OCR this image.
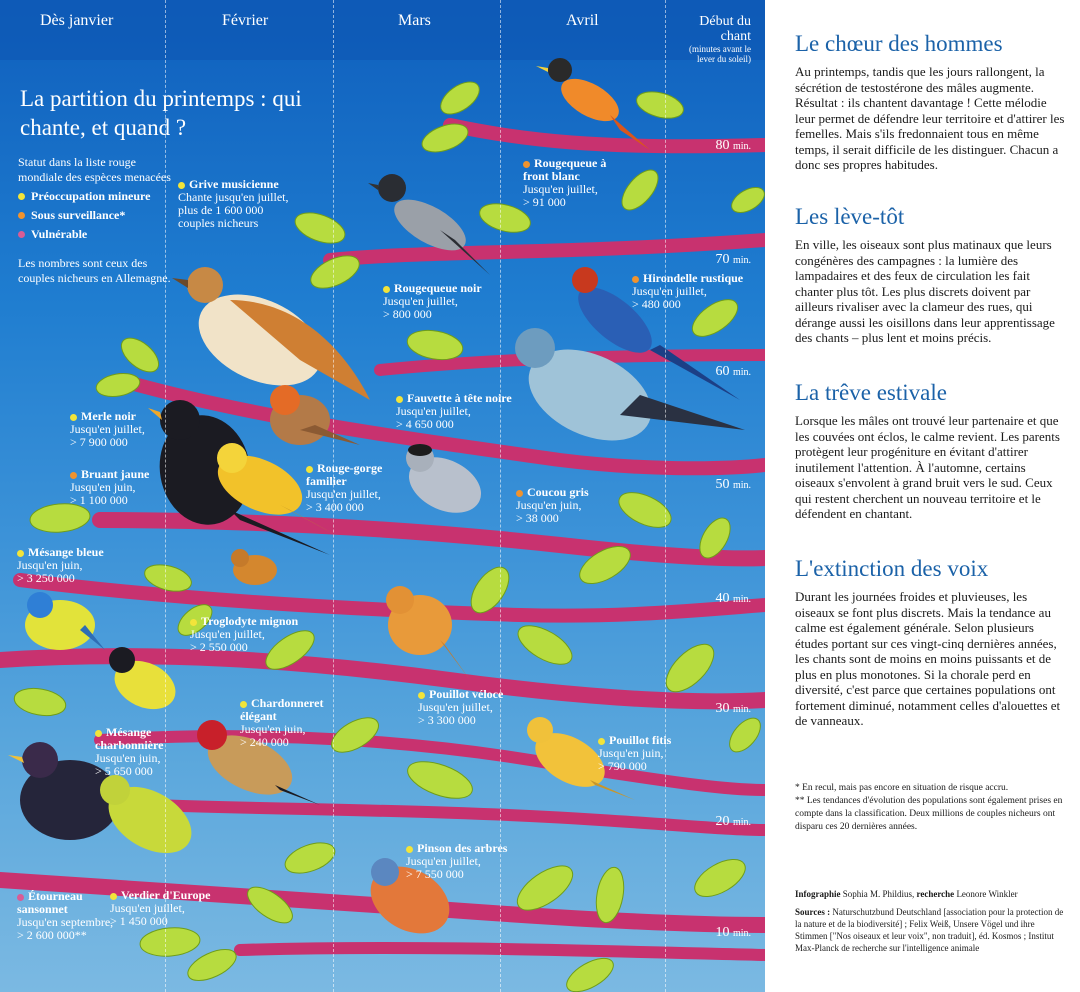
Dès janvier	Février	Mars	Avril	Début du chant
(minutes avant le lever du soleil)
80 min.
70 min.
60 min.
50 min.
40 min.
30 min.
20 min.
10 min.
La partition du printemps : qui chante, et quand ?
Statut dans la liste rouge mondiale des espèces menacées
Préoccupation mineure
Sous surveillance*
Vulnérable
Les nombres sont ceux des couples nicheurs en Allemagne.
Grive musicienne
Chante jusqu'en juillet, plus de 1 600 000 couples nicheurs
Rougequeue à front blanc
Jusqu'en juillet,
> 91 000
Rougequeue noir
Jusqu'en juillet,
> 800 000
Hirondelle rustique
Jusqu'en juillet,
> 480 000
Merle noir
Jusqu'en juillet,
> 7 900 000
Fauvette à tête noire
Jusqu'en juillet,
> 4 650 000
Bruant jaune
Jusqu'en juin,
> 1 100 000
Rouge-gorge familier
Jusqu'en juillet,
> 3 400 000
Coucou gris
Jusqu'en juin,
> 38 000
Mésange bleue
Jusqu'en juin,
> 3 250 000
Troglodyte mignon
Jusqu'en juillet,
> 2 550 000
Chardonneret élégant
Jusqu'en juin,
> 240 000
Pouillot véloce
Jusqu'en juillet,
> 3 300 000
Mésange charbonnière
Jusqu'en juin,
> 5 650 000
Pouillot fitis
Jusqu'en juin,
> 790 000
Pinson des arbres
Jusqu'en juillet,
> 7 550 000
Étourneau sansonnet
Jusqu'en septembre,
> 2 600 000**
Verdier d'Europe
Jusqu'en juillet,
> 1 450 000
Le chœur des hommes

Au printemps, tandis que les jours rallongent, la sécrétion de testostérone des mâles augmente. Résultat : ils chantent davantage ! Cette mélodie leur permet de défendre leur territoire et d'attirer les femelles. Mais s'ils fredonnaient tous en même temps, il serait difficile de les distinguer. Chacun a donc ses propres habitudes.

Les lève-tôt

En ville, les oiseaux sont plus matinaux que leurs congénères des campagnes : la lumière des lampadaires et des feux de circulation les fait chanter plus tôt. Les plus discrets doivent par ailleurs rivaliser avec la clameur des rues, qui dérange aussi les oisillons dans leur apprentissage des chants – plus lent et moins précis.

La trêve estivale

Lorsque les mâles ont trouvé leur partenaire et que les couvées ont éclos, le calme revient. Les parents protègent leur progéniture en évitant d'attirer inutilement l'attention. À l'automne, certains oiseaux s'envolent à grand bruit vers le sud. Ceux qui restent cherchent un nouveau territoire et le défendent en chantant.

L'extinction des voix

Durant les journées froides et pluvieuses, les oiseaux se font plus discrets. Mais la tendance au calme est également générale. Selon plusieurs études portant sur ces vingt-cinq dernières années, les chants sont de moins en moins puissants et de plus en plus monotones. Si la chorale perd en diversité, c'est parce que certaines populations ont fortement diminué, notamment celles d'alouettes et de vanneaux.

* En recul, mais pas encore en situation de risque accru.
** Les tendances d'évolution des populations sont également prises en compte dans la classification. Deux millions de couples nicheurs ont disparu ces 20 dernières années.
Infographie Sophia M. Phildius, recherche Leonore Winkler
Sources : Naturschutzbund Deutschland [association pour la protection de la nature et de la biodiversité] ; Felix Weiß, Unsere Vögel und ihre Stimmen ["Nos oiseaux et leur voix", non traduit], éd. Kosmos ; Institut Max-Planck de recherche sur l'intelligence animale
